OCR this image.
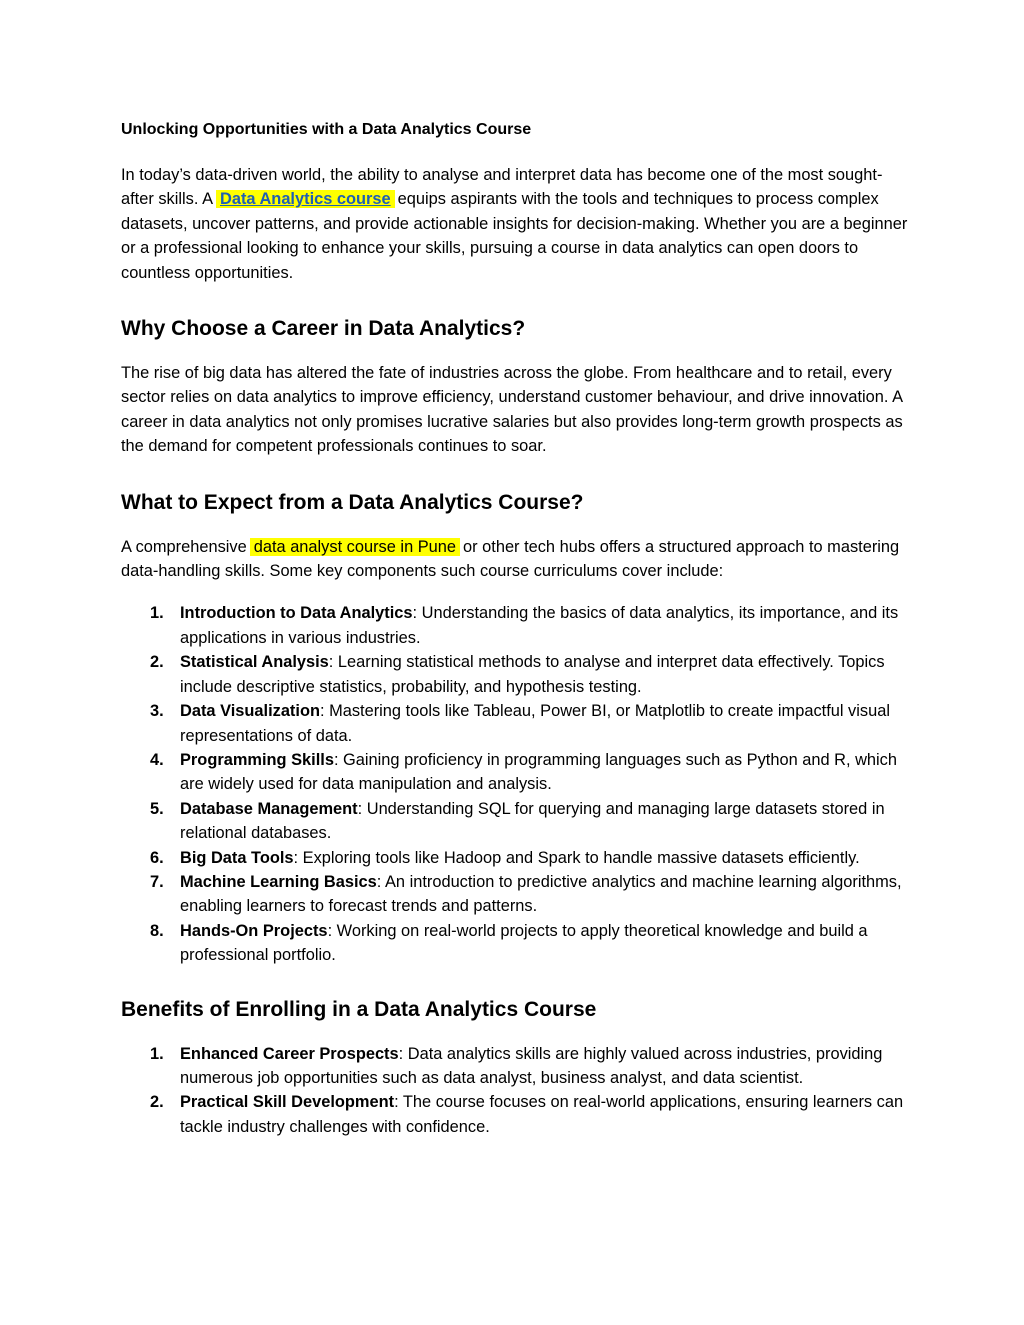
Unlocking Opportunities with a Data Analytics Course

In today’s data-driven world, the ability to analyse and interpret data has become one of the most sought-after skills. A Data Analytics course equips aspirants with the tools and techniques to process complex datasets, uncover patterns, and provide actionable insights for decision-making. Whether you are a beginner or a professional looking to enhance your skills, pursuing a course in data analytics can open doors to countless opportunities.

Why Choose a Career in Data Analytics?

The rise of big data has altered the fate of industries across the globe. From healthcare and to retail, every sector relies on data analytics to improve efficiency, understand customer behaviour, and drive innovation. A career in data analytics not only promises lucrative salaries but also provides long-term growth prospects as the demand for competent professionals continues to soar.

What to Expect from a Data Analytics Course?

A comprehensive data analyst course in Pune or other tech hubs offers a structured approach to mastering data-handling skills. Some key components such course curriculums cover include:

1. Introduction to Data Analytics: Understanding the basics of data analytics, its importance, and its applications in various industries.
2. Statistical Analysis: Learning statistical methods to analyse and interpret data effectively. Topics include descriptive statistics, probability, and hypothesis testing.
3. Data Visualization: Mastering tools like Tableau, Power BI, or Matplotlib to create impactful visual representations of data.
4. Programming Skills: Gaining proficiency in programming languages such as Python and R, which are widely used for data manipulation and analysis.
5. Database Management: Understanding SQL for querying and managing large datasets stored in relational databases.
6. Big Data Tools: Exploring tools like Hadoop and Spark to handle massive datasets efficiently.
7. Machine Learning Basics: An introduction to predictive analytics and machine learning algorithms, enabling learners to forecast trends and patterns.
8. Hands-On Projects: Working on real-world projects to apply theoretical knowledge and build a professional portfolio.
Benefits of Enrolling in a Data Analytics Course
1. Enhanced Career Prospects: Data analytics skills are highly valued across industries, providing numerous job opportunities such as data analyst, business analyst, and data scientist.
2. Practical Skill Development: The course focuses on real-world applications, ensuring learners can tackle industry challenges with confidence.
